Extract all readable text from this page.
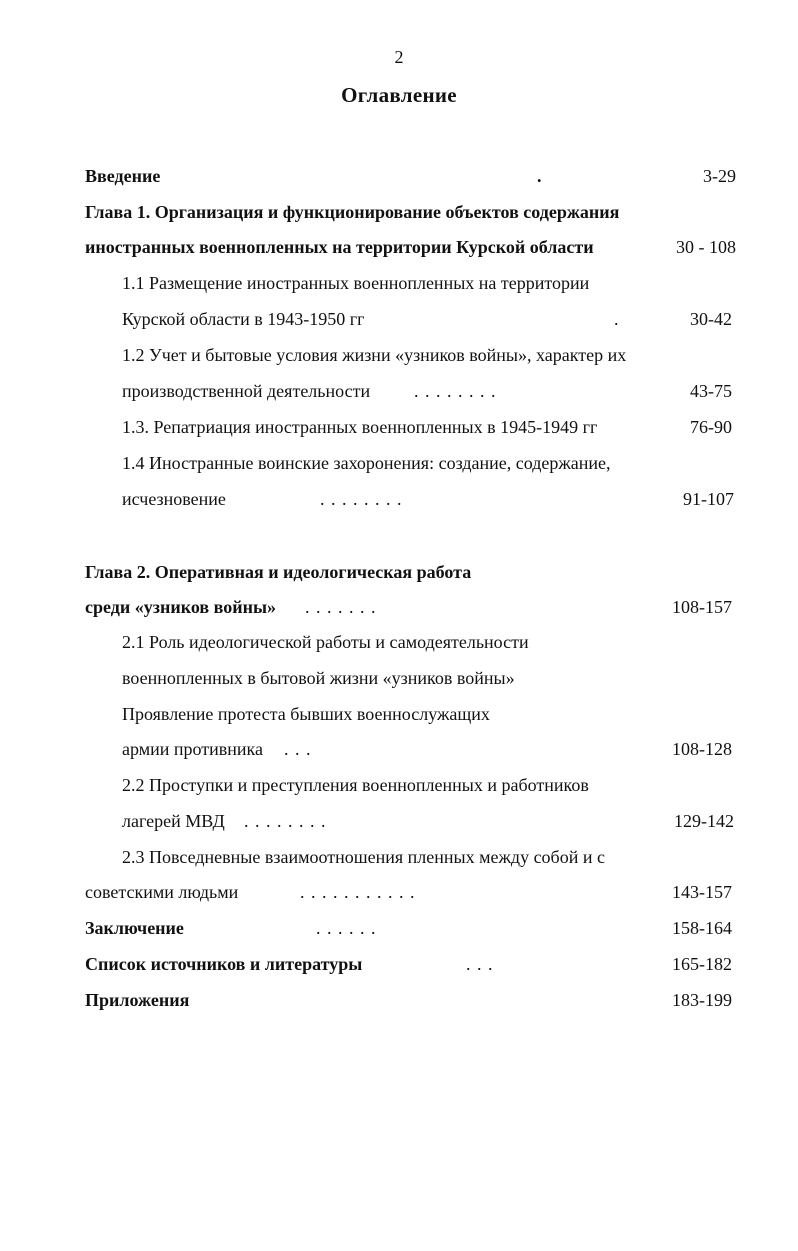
2
Оглавление
Введение	.	3-29
Глава 1. Организация и функционирование объектов содержания
иностранных военнопленных на территории Курской области	30 - 108
1.1 Размещение иностранных военнопленных на территории
Курской области в 1943-1950 гг	.	30-42
1.2 Учет и бытовые условия жизни «узников войны», характер их
производственной деятельности . . . . . . . .	43-75
1.3. Репатриация иностранных военнопленных в 1945-1949 гг	76-90
1.4 Иностранные воинские захоронения: создание, содержание,
исчезновение	. . . . . . . .	91-107
Глава 2. Оперативная и идеологическая работа
среди «узников войны» . . . . . . .	108-157
2.1 Роль идеологической работы и самодеятельности
военнопленных в бытовой жизни «узников войны»
Проявление протеста бывших военнослужащих
армии противника . . .	108-128
2.2 Проступки и преступления военнопленных и работников
лагерей МВД . . . . . . . .	129-142
2.3 Повседневные взаимоотношения пленных между собой и с
советскими людьми	. . . . . . . . . . .	143-157
Заключение	. . . . . .	158-164
Список источников и литературы	. . .	165-182
Приложения	183-199
